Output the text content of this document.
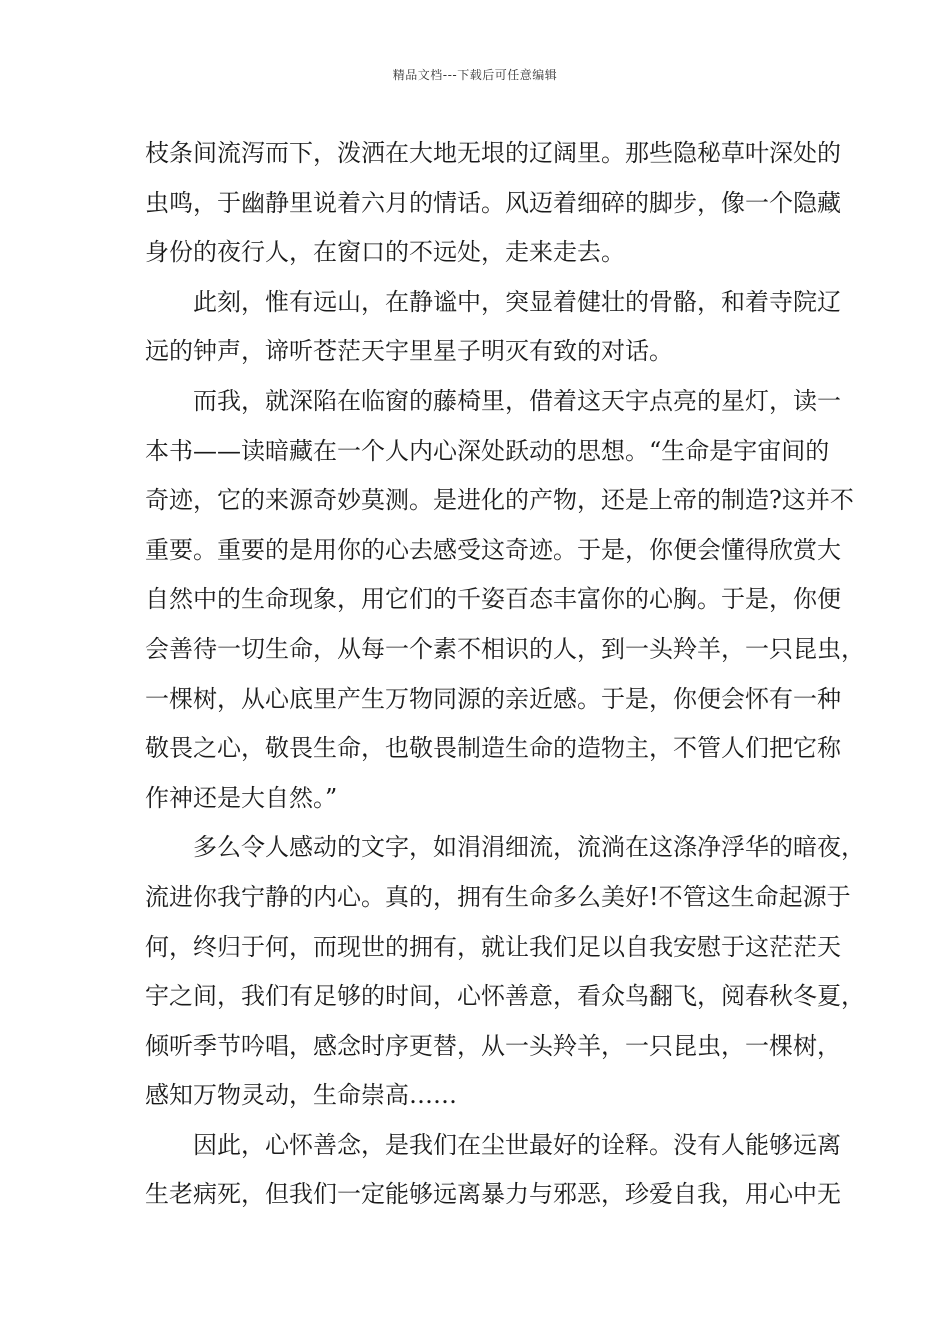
精品文档---下载后可任意编辑
枝条间流泻而下，泼洒在大地无垠的辽阔里。那些隐秘草叶深处的
虫鸣，于幽静里说着六月的情话。风迈着细碎的脚步，像一个隐藏
身份的夜行人，在窗口的不远处，走来走去。
此刻，惟有远山，在静谧中，突显着健壮的骨骼，和着寺院辽
远的钟声，谛听苍茫天宇里星子明灭有致的对话。
而我，就深陷在临窗的藤椅里，借着这天宇点亮的星灯，读一
本书——读暗藏在一个人内心深处跃动的思想。“生命是宇宙间的
奇迹，它的来源奇妙莫测。是进化的产物，还是上帝的制造?这并不
重要。重要的是用你的心去感受这奇迹。于是，你便会懂得欣赏大
自然中的生命现象，用它们的千姿百态丰富你的心胸。于是，你便
会善待一切生命，从每一个素不相识的人，到一头羚羊，一只昆虫，
一棵树，从心底里产生万物同源的亲近感。于是，你便会怀有一种
敬畏之心，敬畏生命，也敬畏制造生命的造物主，不管人们把它称
作神还是大自然。”
多么令人感动的文字，如涓涓细流，流淌在这涤净浮华的暗夜，
流进你我宁静的内心。真的，拥有生命多么美好!不管这生命起源于
何，终归于何，而现世的拥有，就让我们足以自我安慰于这茫茫天
宇之间，我们有足够的时间，心怀善意，看众鸟翻飞，阅春秋冬夏，
倾听季节吟唱，感念时序更替，从一头羚羊，一只昆虫，一棵树，
感知万物灵动，生命崇高……
因此，心怀善念，是我们在尘世最好的诠释。没有人能够远离
生老病死，但我们一定能够远离暴力与邪恶，珍爱自我，用心中无
